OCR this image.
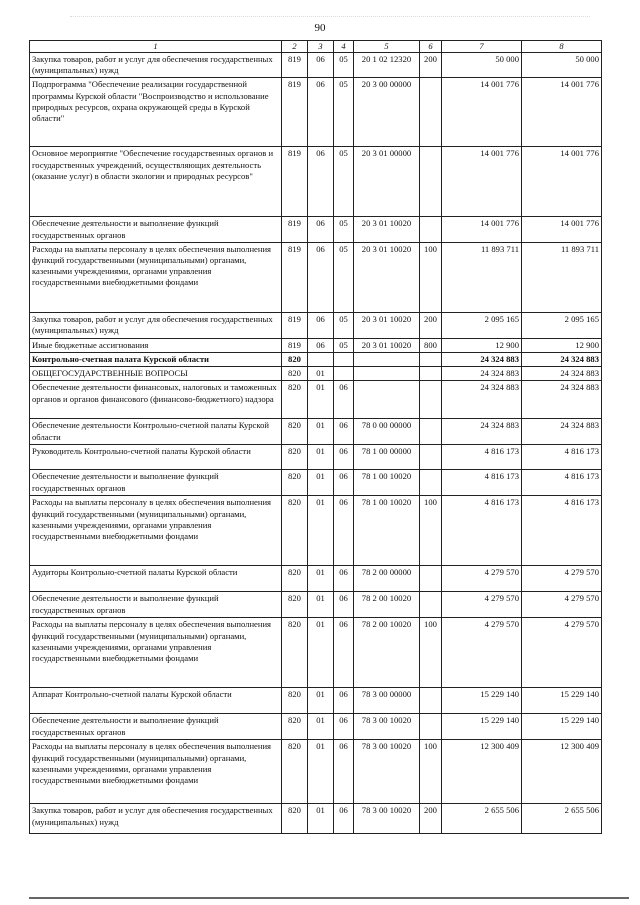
90
1	2	3	4	5	6	7	8
Закупка товаров, работ и услуг для обеспечения государственных (муниципальных) нужд	819	06	05	20 1 02 12320	200	50 000	50 000
Подпрограмма "Обеспечение реализации государственной программы Курской области "Воспроизводство и использование природных ресурсов, охрана окружающей среды в Курской области"	819	06	05	20 3 00 00000		14 001 776	14 001 776
Основное мероприятие "Обеспечение государственных органов и государственных учреждений, осуществляющих деятельность (оказание услуг) в области экологии и природных ресурсов"	819	06	05	20 3 01 00000		14 001 776	14 001 776
Обеспечение деятельности и выполнение функций государственных органов	819	06	05	20 3 01 10020		14 001 776	14 001 776
Расходы на выплаты персоналу в целях обеспечения выполнения функций государственными (муниципальными) органами, казенными учреждениями, органами управления государственными внебюджетными фондами	819	06	05	20 3 01 10020	100	11 893 711	11 893 711
Закупка товаров, работ и услуг для обеспечения государственных (муниципальных) нужд	819	06	05	20 3 01 10020	200	2 095 165	2 095 165
Иные бюджетные ассигнования	819	06	05	20 3 01 10020	800	12 900	12 900
Контрольно-счетная палата Курской области	820					24 324 883	24 324 883
ОБЩЕГОСУДАРСТВЕННЫЕ ВОПРОСЫ	820	01				24 324 883	24 324 883
Обеспечение деятельности финансовых, налоговых и таможенных органов и органов финансового (финансово-бюджетного) надзора	820	01	06			24 324 883	24 324 883
Обеспечение деятельности Контрольно-счетной палаты Курской области	820	01	06	78 0 00 00000		24 324 883	24 324 883
Руководитель Контрольно-счетной палаты Курской области	820	01	06	78 1 00 00000		4 816 173	4 816 173
Обеспечение деятельности и выполнение функций государственных органов	820	01	06	78 1 00 10020		4 816 173	4 816 173
Расходы на выплаты персоналу в целях обеспечения выполнения функций государственными (муниципальными) органами, казенными учреждениями, органами управления государственными внебюджетными фондами	820	01	06	78 1 00 10020	100	4 816 173	4 816 173
Аудиторы Контрольно-счетной палаты Курской области	820	01	06	78 2 00 00000		4 279 570	4 279 570
Обеспечение деятельности и выполнение функций государственных органов	820	01	06	78 2 00 10020		4 279 570	4 279 570
Расходы на выплаты персоналу в целях обеспечения выполнения функций государственными (муниципальными) органами, казенными учреждениями, органами управления государственными внебюджетными фондами	820	01	06	78 2 00 10020	100	4 279 570	4 279 570
Аппарат Контрольно-счетной палаты Курской области	820	01	06	78 3 00 00000		15 229 140	15 229 140
Обеспечение деятельности и выполнение функций государственных органов	820	01	06	78 3 00 10020		15 229 140	15 229 140
Расходы на выплаты персоналу в целях обеспечения выполнения функций государственными (муниципальными) органами, казенными учреждениями, органами управления государственными внебюджетными фондами	820	01	06	78 3 00 10020	100	12 300 409	12 300 409
Закупка товаров, работ и услуг для обеспечения государственных (муниципальных) нужд	820	01	06	78 3 00 10020	200	2 655 506	2 655 506
